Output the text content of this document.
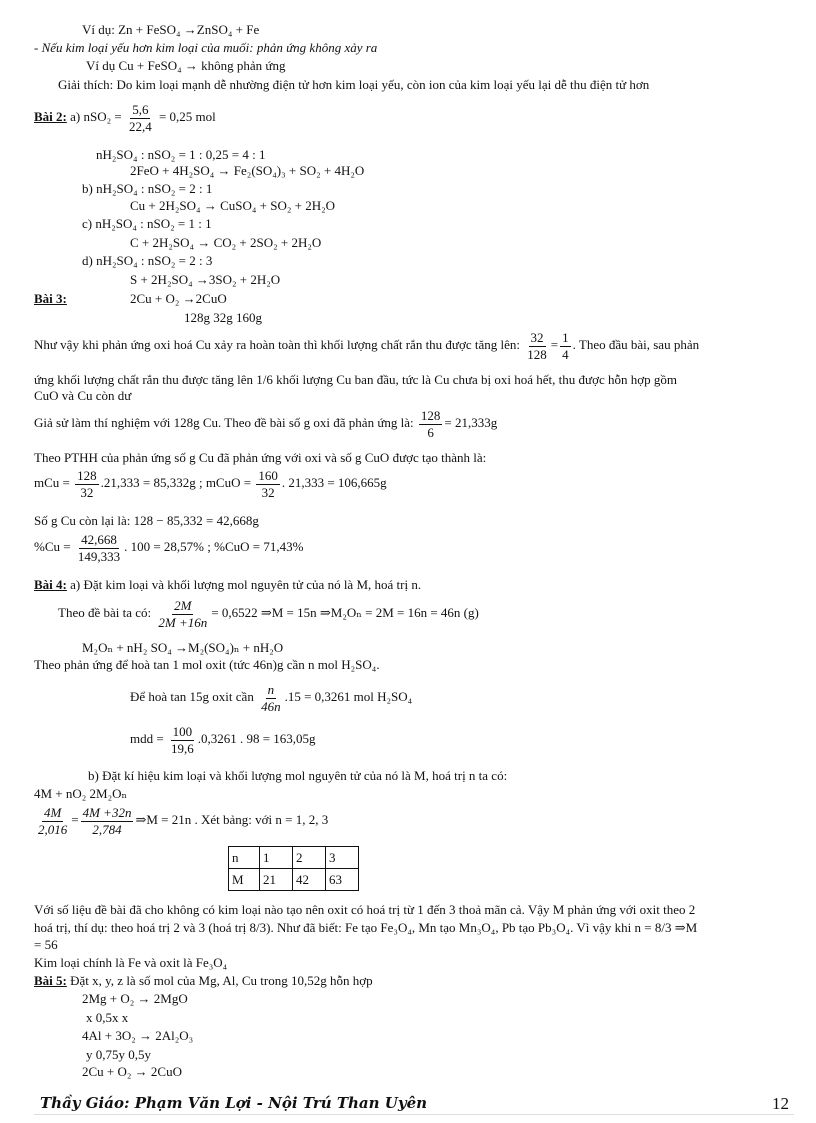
Ví dụ: Zn + FeSO₄ →ZnSO₄ + Fe
- Nếu kim loại yếu hơn kim loại của muối: phản ứng không xảy ra
Ví dụ Cu + FeSO₄ → không phản ứng
Giải thích: Do kim loại mạnh dễ nhường điện tử hơn kim loại yếu, còn ion của kim loại yếu lại dễ thu điện tử hơn
Bài 2: a) $nSO_2 = \frac{5,6}{22,4} = 0,25$ mol
nH₂SO₄ : nSO₂ = 1 : 0,25 = 4 : 1
2FeO + 4H₂SO₄ → Fe₂(SO₄)₃ + SO₂ + 4H₂O
b) nH₂SO₄ : nSO₂ = 2 : 1
Cu + 2H₂SO₄ → CuSO₄ + SO₂ + 2H₂O
c) nH₂SO₄ : nSO₂ = 1 : 1
C + 2H₂SO₄ → CO₂ + 2SO₂ + 2H₂O
d) nH₂SO₄ : nSO₂ = 2 : 3
S + 2H₂SO₄ →3SO₂ + 2H₂O
Bài 3:	2Cu + O₂ →2CuO
128g 32g 160g
Như vậy khi phản ứng oxi hoá Cu xảy ra hoàn toàn thì khối lượng chất rắn thu được tăng lên: $\frac{32}{128} = \frac{1}{4}$ . Theo đầu bài, sau phản
ứng khối lượng chất rắn thu được tăng lên 1/6 khối lượng Cu ban đầu, tức là Cu chưa bị oxi hoá hết, thu được hỗn hợp gồm
CuO và Cu còn dư
Giả sử làm thí nghiệm với 128g Cu. Theo đề bài số g oxi đã phản ứng là: $\frac{128}{6} = 21,333g$
Theo PTHH của phản ứng số g Cu đã phản ứng với oxi và số g CuO được tạo thành là:
mCu = $\frac{128}{32} .21,333 = 85,332g$ ; mCuO = $\frac{160}{32}$ . 21,333 = 106,665g
Số g Cu còn lại là: 128 − 85,332 = 42,668g
$\%Cu = \frac{42,668}{149,333}$ . 100 = 28,57% ; %CuO = 71,43%
Bài 4: a) Đặt kim loại và khối lượng mol nguyên tử của nó là M, hoá trị n.
Theo đề bài ta có: $\frac{2M}{2M +16n} = 0,6522$ ⇒M = 15n ⇒M₂Oₙ = 2M = 16n = 46n (g)
M₂Oₙ + nH₂ SO₄ →M₂(SO₄)ₙ + nH₂O
Theo phản ứng để hoà tan 1 mol oxit (tức 46n)g cần n mol H₂SO₄.
Để hoà tan 15g oxit cần $\frac{n}{46n} .15 = 0,3261$ mol H₂SO₄
mdd = $\frac{100}{19,6} .0,3261$ . 98 = 163,05g
b) Đặt kí hiệu kim loại và khối lượng mol nguyên tử của nó là M, hoá trị n ta có:
4M + nO₂ 2M₂Oₙ
$\frac{4M}{2,016} = \frac{4M +32n}{2,784}$ ⇒M = 21n . Xét bảng: với n = 1, 2, 3
n	1	2	3
M	21	42	63
Với số liệu đề bài đã cho không có kim loại nào tạo nên oxit có hoá trị từ 1 đến 3 thoả mãn cả. Vậy M phản ứng với oxit theo 2
hoá trị, thí dụ: theo hoá trị 2 và 3 (hoá trị 8/3). Như đã biết: Fe tạo Fe₃O₄, Mn tạo Mn₃O₄, Pb tạo Pb₃O₄. Vì vậy khi n = 8/3 ⇒M
= 56
Kim loại chính là Fe và oxit là Fe₃O₄
Bài 5: Đặt x, y, z là số mol của Mg, Al, Cu trong 10,52g hỗn hợp
2Mg + O₂ → 2MgO
x 0,5x x
4Al + 3O₂ → 2Al₂O₃
y 0,75y 0,5y
2Cu + O₂ → 2CuO
Thầy Giáo: Phạm Văn Lợi - Nội Trú Than Uyên	12
